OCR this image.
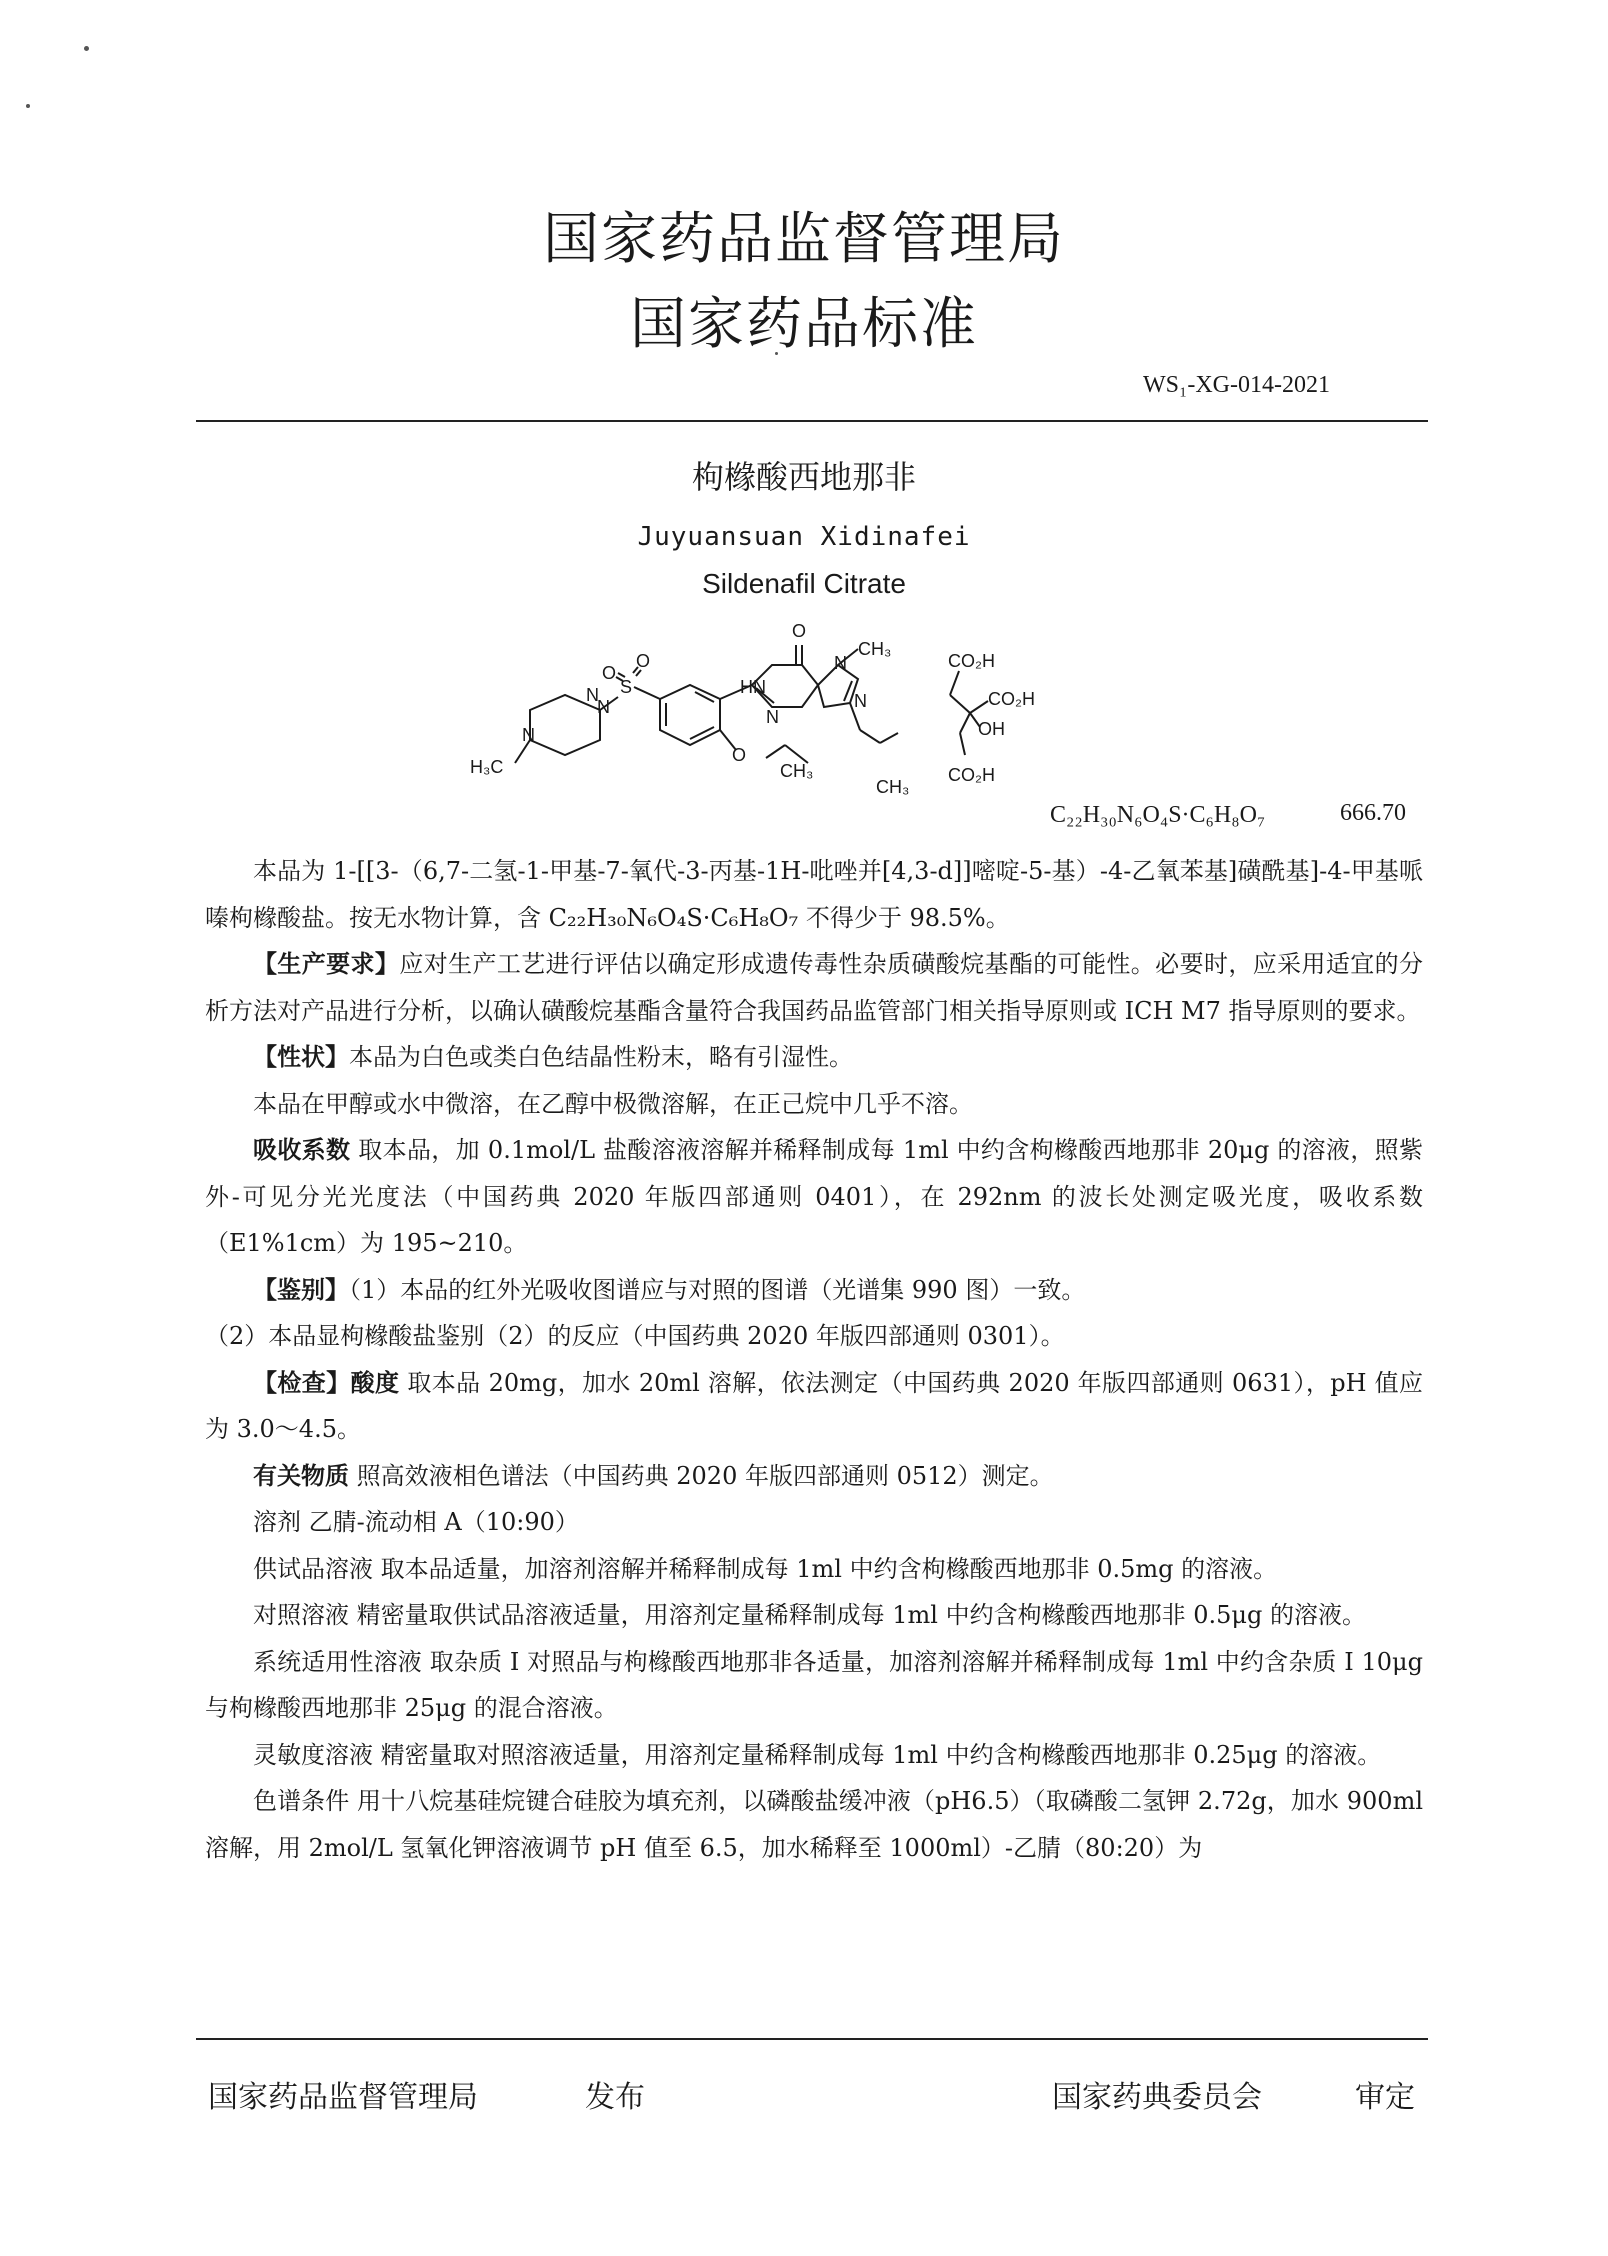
国家药品监督管理局
国家药品标准
WS₁-XG-014-2021
枸橼酸西地那非
Juyuansuan Xidinafei
Sildenafil Citrate
O
N
CH₃
HN
N
N
N
O
S
O
N
N
H₃C
O
CH₃
CH₃
CO₂H
CO₂H
OH
CO₂H
C₂₂H₃₀N₆O₄S·C₆H₈O₇	666.70

本品为 1-[[3-（6,7-二氢-1-甲基-7-氧代-3-丙基-1H-吡唑并[4,3-d]]嘧啶-5-基）-4-乙氧苯基]磺酰基]-4-甲基哌嗪枸橼酸盐。按无水物计算，含 C₂₂H₃₀N₆O₄S·C₆H₈O₇ 不得少于 98.5%。

【生产要求】应对生产工艺进行评估以确定形成遗传毒性杂质磺酸烷基酯的可能性。必要时，应采用适宜的分析方法对产品进行分析，以确认磺酸烷基酯含量符合我国药品监管部门相关指导原则或 ICH M7 指导原则的要求。

【性状】本品为白色或类白色结晶性粉末，略有引湿性。

本品在甲醇或水中微溶，在乙醇中极微溶解，在正己烷中几乎不溶。

吸收系数 取本品，加 0.1mol/L 盐酸溶液溶解并稀释制成每 1ml 中约含枸橼酸西地那非 20μg 的溶液，照紫外-可见分光光度法（中国药典 2020 年版四部通则 0401），在 292nm 的波长处测定吸光度，吸收系数（E1%1cm）为 195~210。

【鉴别】（1）本品的红外光吸收图谱应与对照的图谱（光谱集 990 图）一致。

（2）本品显枸橼酸盐鉴别（2）的反应（中国药典 2020 年版四部通则 0301）。

【检查】酸度 取本品 20mg，加水 20ml 溶解，依法测定（中国药典 2020 年版四部通则 0631），pH 值应为 3.0～4.5。

有关物质 照高效液相色谱法（中国药典 2020 年版四部通则 0512）测定。

溶剂 乙腈-流动相 A（10:90）

供试品溶液 取本品适量，加溶剂溶解并稀释制成每 1ml 中约含枸橼酸西地那非 0.5mg 的溶液。

对照溶液 精密量取供试品溶液适量，用溶剂定量稀释制成每 1ml 中约含枸橼酸西地那非 0.5μg 的溶液。

系统适用性溶液 取杂质 I 对照品与枸橼酸西地那非各适量，加溶剂溶解并稀释制成每 1ml 中约含杂质 I 10μg 与枸橼酸西地那非 25μg 的混合溶液。

灵敏度溶液 精密量取对照溶液适量，用溶剂定量稀释制成每 1ml 中约含枸橼酸西地那非 0.25μg 的溶液。

色谱条件 用十八烷基硅烷键合硅胶为填充剂，以磷酸盐缓冲液（pH6.5）（取磷酸二氢钾 2.72g，加水 900ml 溶解，用 2mol/L 氢氧化钾溶液调节 pH 值至 6.5，加水稀释至 1000ml）-乙腈（80:20）为

国家药品监督管理局	发布	国家药典委员会	审定
